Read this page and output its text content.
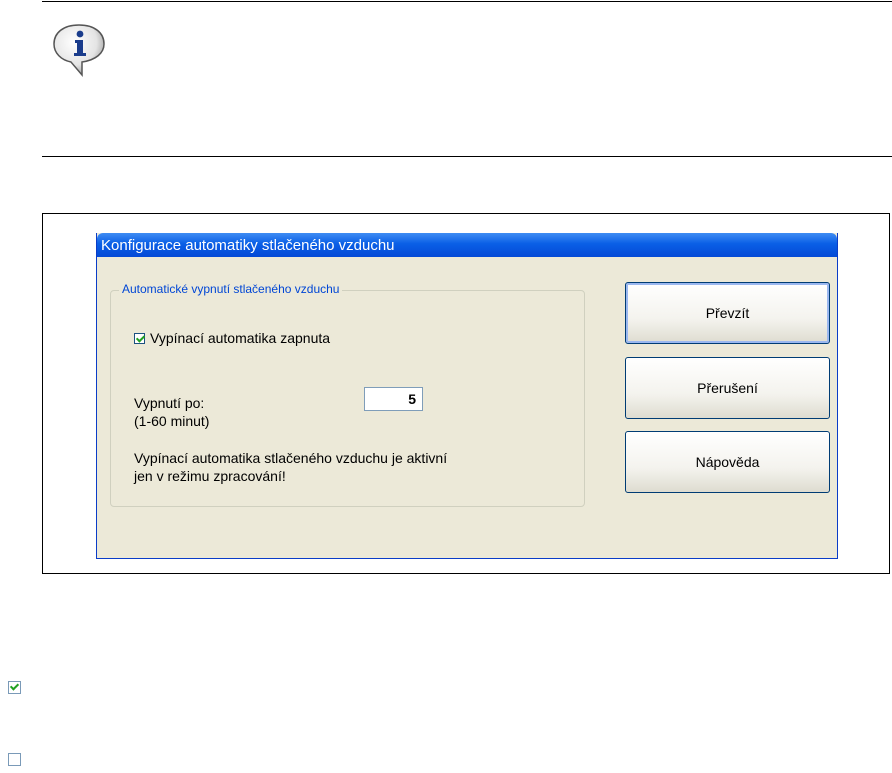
Konfigurace automatiky stlačeného vzduchu
Automatické vypnutí stlačeného vzduchu
Vypínací automatika zapnuta
Vypnutí po:
(1-60 minut)
5
Vypínací automatika stlačeného vzduchu je aktivní
jen v režimu zpracování!
Převzít
Přerušení
Nápověda
